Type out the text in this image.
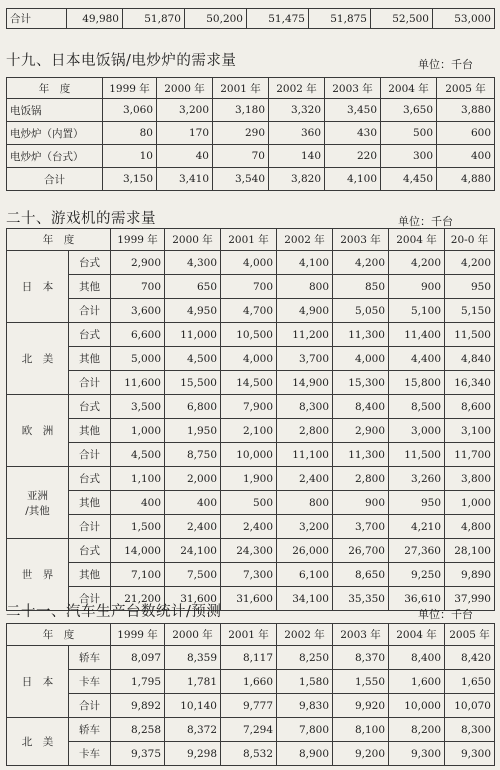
合计	49,980	51,870	50,200	51,475	51,875	52,500	53,000
十九、日本电饭锅/电炒炉的需求量	单位：千台
年　度	1999 年	2000 年	2001 年	2002 年	2003 年	2004 年	2005 年
电饭锅	3,060	3,200	3,180	3,320	3,450	3,650	3,880
电炒炉（内置）	80	170	290	360	430	500	600
电炒炉（台式）	10	40	70	140	220	300	400
合计	3,150	3,410	3,540	3,820	4,100	4,450	4,880
二十、游戏机的需求量	单位：千台
年　度		1999 年	2000 年	2001 年	2002 年	2003 年	2004 年	20-0 年
日　本	台式	2,900	4,300	4,000	4,100	4,200	4,200	4,200
	其他	700	650	700	800	850	900	950
	合计	3,600	4,950	4,700	4,900	5,050	5,100	5,150
北　美	台式	6,600	11,000	10,500	11,200	11,300	11,400	11,500
	其他	5,000	4,500	4,000	3,700	4,000	4,400	4,840
	合计	11,600	15,500	14,500	14,900	15,300	15,800	16,340
欧　洲	台式	3,500	6,800	7,900	8,300	8,400	8,500	8,600
	其他	1,000	1,950	2,100	2,800	2,900	3,000	3,100
	合计	4,500	8,750	10,000	11,100	11,300	11,500	11,700
亚洲
/其他	台式	1,100	2,000	1,900	2,400	2,800	3,260	3,800
	其他	400	400	500	800	900	950	1,000
	合计	1,500	2,400	2,400	3,200	3,700	4,210	4,800
世　界	台式	14,000	24,100	24,300	26,000	26,700	27,360	28,100
	其他	7,100	7,500	7,300	6,100	8,650	9,250	9,890
	合计	21,200	31,600	31,600	34,100	35,350	36,610	37,990
二十一、汽车生产台数统计/预测	单位：千台
年　度		1999 年	2000 年	2001 年	2002 年	2003 年	2004 年	2005 年
日　本	轿车	8,097	8,359	8,117	8,250	8,370	8,400	8,420
	卡车	1,795	1,781	1,660	1,580	1,550	1,600	1,650
	合计	9,892	10,140	9,777	9,830	9,920	10,000	10,070
北　美	轿车	8,258	8,372	7,294	7,800	8,100	8,200	8,300
	卡车	9,375	9,298	8,532	8,900	9,200	9,300	9,300
